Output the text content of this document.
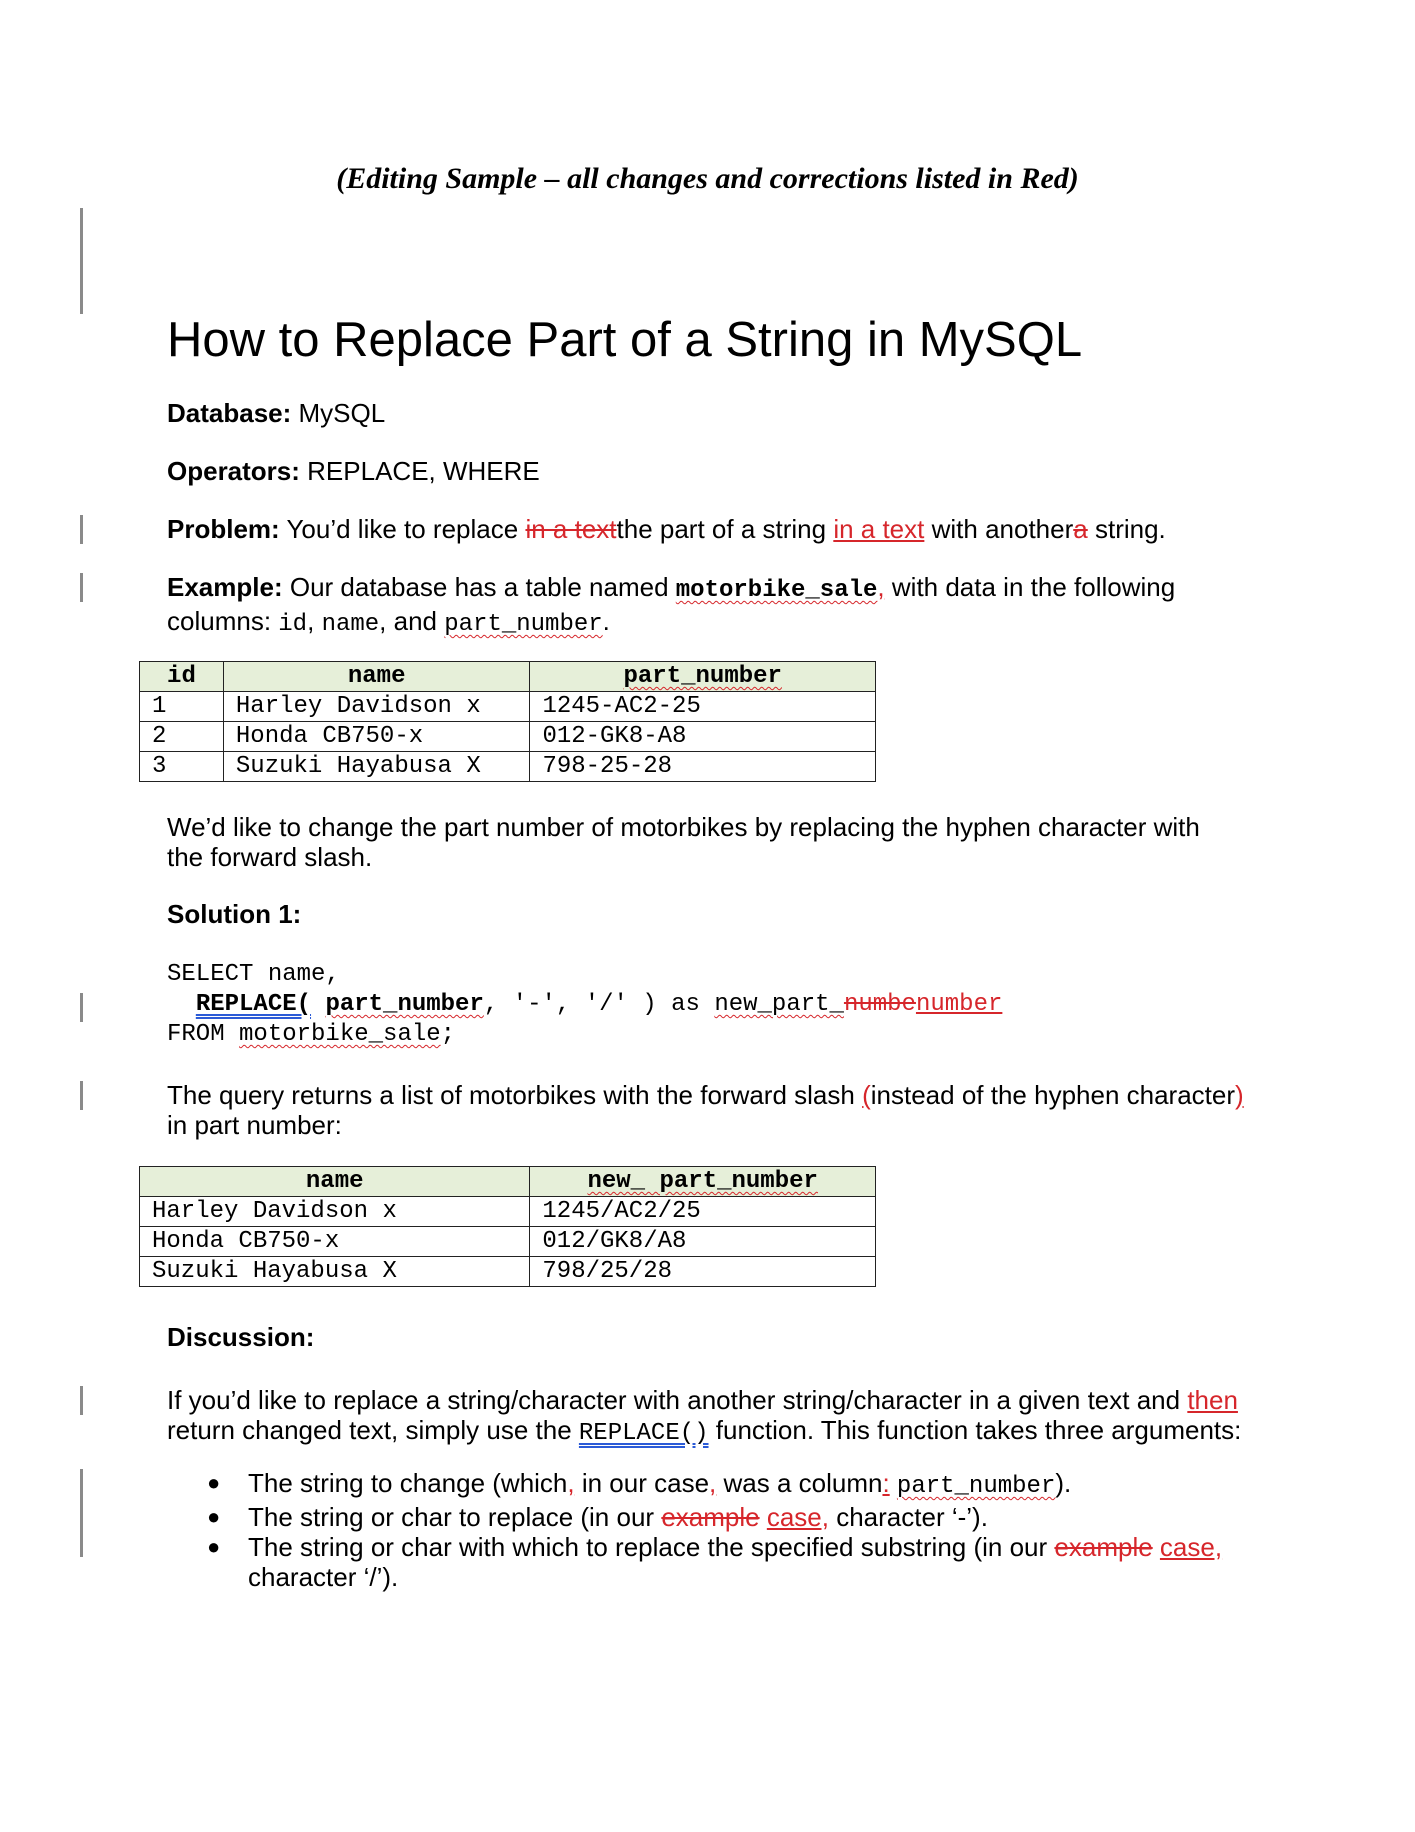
(Editing Sample – all changes and corrections listed in Red)
How to Replace Part of a String in MySQL
Database: MySQL
Operators: REPLACE, WHERE
Problem: You’d like to replace in a textthe part of a string in a text with anothera string.
Example: Our database has a table named motorbike_sale, with data in the following columns: id, name, and part_number.
id	name	part_number
1	Harley Davidson x	1245-AC2-25
2	Honda CB750-x	012-GK8-A8
3	Suzuki Hayabusa X	798-25-28
We’d like to change the part number of motorbikes by replacing the hyphen character with the forward slash.
Solution 1:
SELECT name,
REPLACE( part_number, '-', '/' ) as new_part_numbenumber
FROM motorbike_sale;
The query returns a list of motorbikes with the forward slash (instead of the hyphen character) in part number:
name	new_ part_number
Harley Davidson x	1245/AC2/25
Honda CB750-x	012/GK8/A8
Suzuki Hayabusa X	798/25/28
Discussion:
If you’d like to replace a string/character with another string/character in a given text and then return changed text, simply use the REPLACE() function. This function takes three arguments:
● The string to change (which, in our case, was a column: part_number).
● The string or char to replace (in our example case, character ‘-’).
● The string or char with which to replace the specified substring (in our example case, character ‘/’).
